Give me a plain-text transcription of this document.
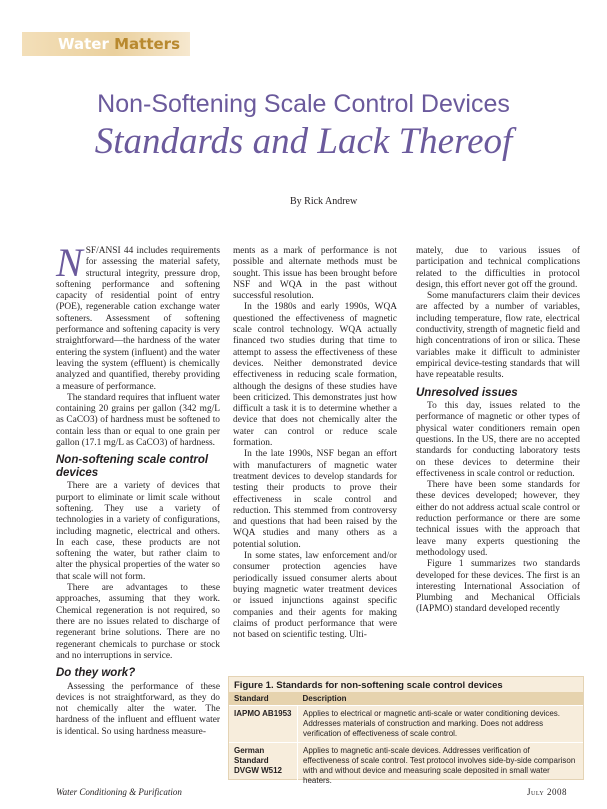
Water Matters
Non-Softening Scale Control Devices
Standards and Lack Thereof
By Rick Andrew

NSF/ANSI 44 includes requirements for assessing the material safety, structural integrity, pressure drop, softening performance and softening capacity of residential point of entry (POE), regenerable cation exchange water softeners. Assessment of softening performance and softening capacity is very straightforward—the hardness of the water entering the system (influent) and the water leaving the system (effluent) is chemically analyzed and quantified, thereby providing a measure of performance.

The standard requires that influent water containing 20 grains per gallon (342 mg/L as CaCO3) of hardness must be softened to contain less than or equal to one grain per gallon (17.1 mg/L as CaCO3) of hardness.

Non-softening scale control devices

There are a variety of devices that purport to eliminate or limit scale without softening. They use a variety of technologies in a variety of configurations, including magnetic, electrical and others. In each case, these products are not softening the water, but rather claim to alter the physical properties of the water so that scale will not form.

There are advantages to these approaches, assuming that they work. Chemical regeneration is not required, so there are no issues related to discharge of regenerant brine solutions. There are no regenerant chemicals to purchase or stock and no interruptions in service.

Do they work?

Assessing the performance of these devices is not straightforward, as they do not chemically alter the water. The hardness of the influent and effluent water is identical. So using hardness measure-

ments as a mark of performance is not possible and alternate methods must be sought. This issue has been brought before NSF and WQA in the past without successful resolution.

In the 1980s and early 1990s, WQA questioned the effectiveness of magnetic scale control technology. WQA actually financed two studies during that time to attempt to assess the effectiveness of these devices. Neither demonstrated device effectiveness in reducing scale formation, although the designs of these studies have been criticized. This demonstrates just how difficult a task it is to determine whether a device that does not chemically alter the water can control or reduce scale formation.

In the late 1990s, NSF began an effort with manufacturers of magnetic water treatment devices to develop standards for testing their products to prove their effectiveness in scale control and reduction. This stemmed from controversy and questions that had been raised by the WQA studies and many others as a potential solution.

In some states, law enforcement and/or consumer protection agencies have periodically issued consumer alerts about buying magnetic water treatment devices or issued injunctions against specific companies and their agents for making claims of product performance that were not based on scientific testing. Ulti-

mately, due to various issues of participation and technical complications related to the difficulties in protocol design, this effort never got off the ground.

Some manufacturers claim their devices are affected by a number of variables, including temperature, flow rate, electrical conductivity, strength of magnetic field and high concentrations of iron or silica. These variables make it difficult to administer empirical device-testing standards that will have repeatable results.

Unresolved issues

To this day, issues related to the performance of magnetic or other types of physical water conditioners remain open questions. In the US, there are no accepted standards for conducting laboratory tests on these devices to determine their effectiveness in scale control or reduction.

There have been some standards for these devices developed; however, they either do not address actual scale control or reduction performance or there are some technical issues with the approach that leave many experts questioning the methodology used.

Figure 1 summarizes two standards developed for these devices. The first is an interesting International Association of Plumbing and Mechanical Officials (IAPMO) standard developed recently

Figure 1. Standards for non-softening scale control devices
Standard	Description
IAPMO AB1953	Applies to electrical or magnetic anti-scale or water conditioning devices. Addresses materials of construction and marking. Does not address verification of effectiveness of scale control.
German Standard DVGW W512	Applies to magnetic anti-scale devices. Addresses verification of effectiveness of scale control. Test protocol involves side-by-side comparison with and without device and measuring scale deposited in small water heaters.
Water Conditioning & Purification	July 2008
